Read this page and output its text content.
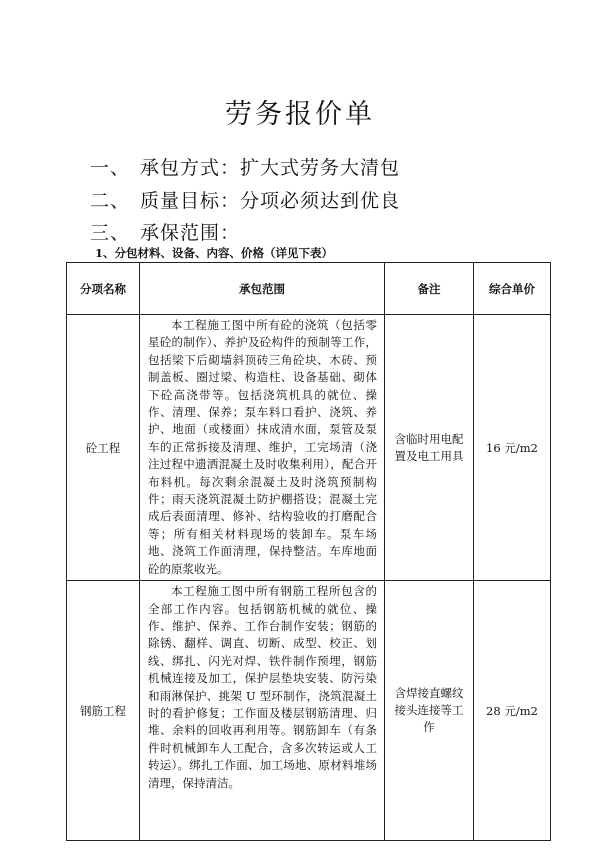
劳务报价单
一、 承包方式：扩大式劳务大清包
二、 质量目标：分项必须达到优良
三、 承保范围：
1、分包材料、设备、内容、价格（详见下表）
分项名称	承包范围	备注	综合单价
砼工程	本工程施工图中所有砼的浇筑（包括零星砼的制作）、养护及砼构件的预制等工作，包括梁下后砌墙斜顶砖三角砼块、木砖、预制盖板、圈过梁、构造柱、设备基础、砌体下砼高浇带等。包括浇筑机具的就位、操作、清理、保养；泵车料口看护、浇筑、养护、地面（或楼面）抹成清水面，泵管及泵车的正常拆接及清理、维护，工完场清（浇注过程中遗洒混凝土及时收集利用），配合开布料机。每次剩余混凝土及时浇筑预制构件；雨天浇筑混凝土防护棚搭设；混凝土完成后表面清理、修补、结构验收的打磨配合等；所有相关材料现场的装卸车。泵车场地、浇筑工作面清理，保持整洁。车库地面砼的原浆收光。	含临时用电配置及电工用具	16 元/m2
钢筋工程	本工程施工图中所有钢筋工程所包含的全部工作内容。包括钢筋机械的就位、操作、维护、保养、工作台制作安装；钢筋的除锈、翻样、调直、切断、成型、校正、划线、绑扎、闪光对焊、铁件制作预埋，钢筋机械连接及加工，保护层垫块安装、防污染和雨淋保护、挑架 U 型环制作，浇筑混凝土时的看护修复；工作面及楼层钢筋清理、归堆、余料的回收再利用等。钢筋卸车（有条件时机械卸车人工配合，含多次转运或人工转运）。绑扎工作面、加工场地、原材料堆场清理，保持清洁。	含焊接直螺纹接头连接等工作	28 元/m2
